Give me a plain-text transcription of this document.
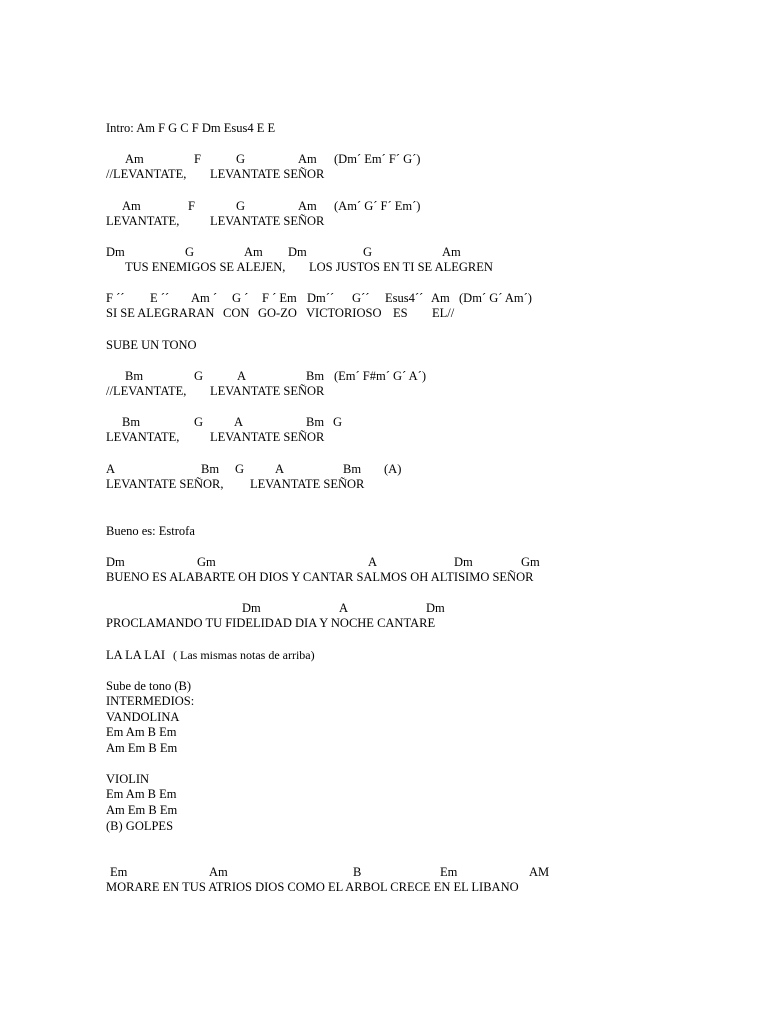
Intro: Am F G C F Dm Esus4 E E

Am

	F

	G

	Am

(Dm´ Em´ F´ G´)

//LEVANTATE,

LEVANTATE SEÑOR

Am

	F

	G

	Am

(Am´ G´ F´ Em´)

LEVANTATE,

LEVANTATE SEÑOR

Dm

	G

	Am

Dm

	G

	Am

TUS ENEMIGOS SE ALEJEN,

LOS JUSTOS EN TI SE ALEGREN

F ´´

E ´´

Am ´

G ´

F ´ Em

Dm´´

G´´

Esus4´´

Am

(Dm´ G´ Am´)

SI SE ALEGRARAN

CON

GO-ZO

VICTORIOSO

ES

EL//

SUBE UN TONO

Bm

	G

	A

	Bm

(Em´ F#m´ G´ A´)

//LEVANTATE,

LEVANTATE SEÑOR

Bm

	G

A

	Bm

G

LEVANTATE,

LEVANTATE SEÑOR

A

	Bm

G

A

	Bm

(A)

LEVANTATE SEÑOR,

LEVANTATE SEÑOR

Bueno es: Estrofa

Dm

	Gm

	A

	Dm

	Gm

BUENO ES ALABARTE OH DIOS Y CANTAR SALMOS OH ALTISIMO SEÑOR

Dm

	A

	Dm

PROCLAMANDO TU FIDELIDAD DIA Y NOCHE CANTARE

LA LA LAI

( Las mismas notas de arriba)

Sube de tono (B)
INTERMEDIOS:
VANDOLINA
Em Am B Em
Am Em B Em
VIOLIN
Em Am B Em
Am Em B Em
(B) GOLPES

Em

	Am

	B

	Em

	AM

MORARE EN TUS ATRIOS DIOS COMO EL ARBOL CRECE EN EL LIBANO
